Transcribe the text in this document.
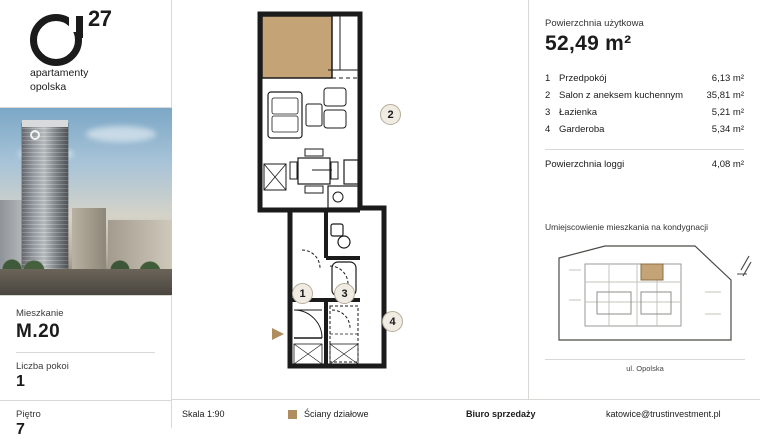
27
apartamenty
opolska
Mieszkanie
M.20
Liczba pokoi
1
Piętro
7
2
3
1
4
Powierzchnia użytkowa
52,49 m²
1	Przedpokój	6,13 m²
2	Salon z aneksem kuchennym	35,81 m²
3	Łazienka	5,21 m²
4	Garderoba	5,34 m²
Powierzchnia loggi	4,08 m²
Umiejscowienie mieszkania na kondygnacji
ul. Opolska
Skala 1:90	Ściany działowe	Biuro sprzedaży	katowice@trustinvestment.pl
